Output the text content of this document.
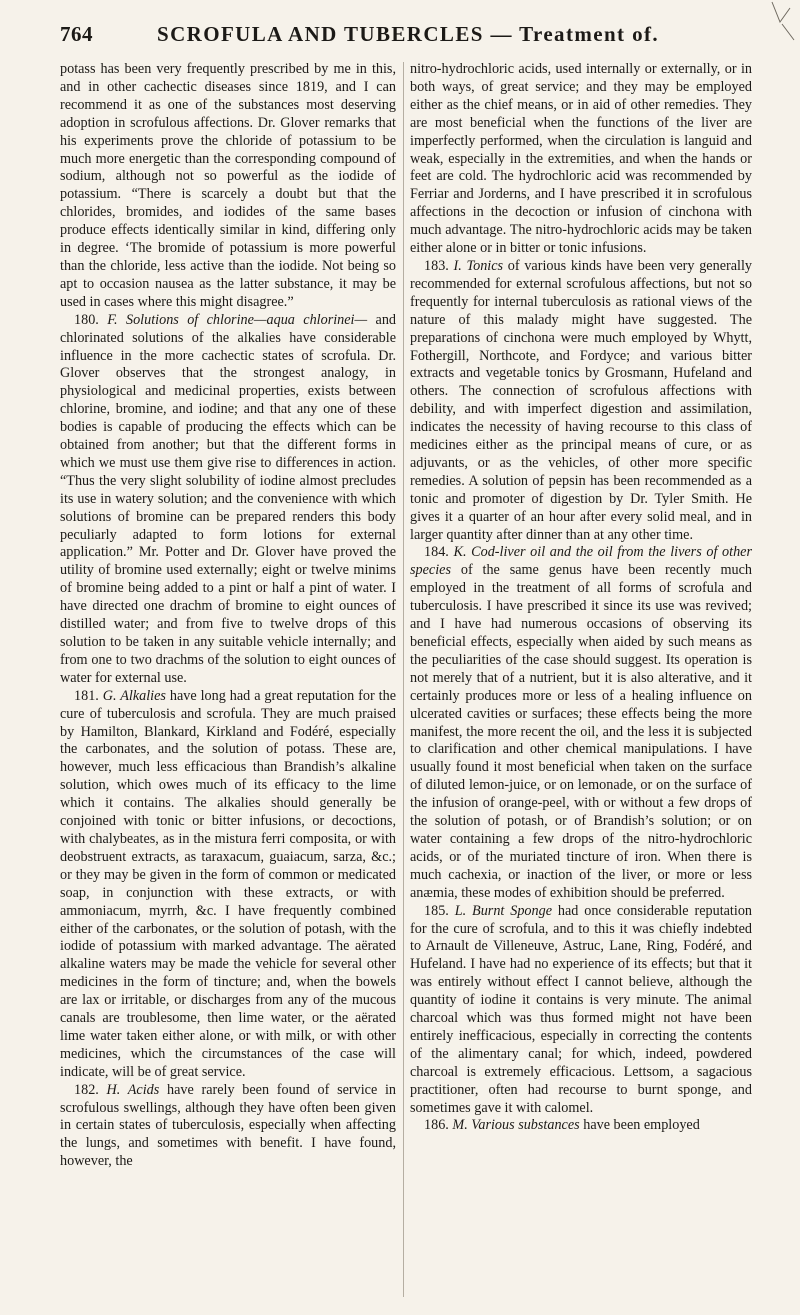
764	SCROFULA AND TUBERCLES — Treatment of.

potass has been very frequently prescribed by me in this, and in other cachectic diseases since 1819, and I can recommend it as one of the substances most deserving adoption in scrofulous affections. Dr. Glover remarks that his experiments prove the chloride of potassium to be much more energetic than the corresponding compound of sodium, although not so powerful as the iodide of potassium. “There is scarcely a doubt but that the chlorides, bromides, and iodides of the same bases produce effects identically similar in kind, differing only in degree. ‘The bromide of potassium is more powerful than the chloride, less active than the iodide. Not being so apt to occasion nausea as the latter substance, it may be used in cases where this might disagree.”

180. F. Solutions of chlorine—aqua chlorinei— and chlorinated solutions of the alkalies have considerable influence in the more cachectic states of scrofula. Dr. Glover observes that the strongest analogy, in physiological and medicinal properties, exists between chlorine, bromine, and iodine; and that any one of these bodies is capable of producing the effects which can be obtained from another; but that the different forms in which we must use them give rise to differences in action. “Thus the very slight solubility of iodine almost precludes its use in watery solution; and the convenience with which solutions of bromine can be prepared renders this body peculiarly adapted to form lotions for external application.” Mr. Potter and Dr. Glover have proved the utility of bromine used externally; eight or twelve minims of bromine being added to a pint or half a pint of water. I have directed one drachm of bromine to eight ounces of distilled water; and from five to twelve drops of this solution to be taken in any suitable vehicle internally; and from one to two drachms of the solution to eight ounces of water for external use.

181. G. Alkalies have long had a great reputation for the cure of tuberculosis and scrofula. They are much praised by Hamilton, Blankard, Kirkland and Fodéré, especially the carbonates, and the solution of potass. These are, however, much less efficacious than Brandish’s alkaline solution, which owes much of its efficacy to the lime which it contains. The alkalies should generally be conjoined with tonic or bitter infusions, or decoctions, with chalybeates, as in the mistura ferri composita, or with deobstruent extracts, as taraxacum, guaiacum, sarza, &c.; or they may be given in the form of common or medicated soap, in conjunction with these extracts, or with ammoniacum, myrrh, &c. I have frequently combined either of the carbonates, or the solution of potash, with the iodide of potassium with marked advantage. The aërated alkaline waters may be made the vehicle for several other medicines in the form of tincture; and, when the bowels are lax or irritable, or discharges from any of the mucous canals are troublesome, then lime water, or the aërated lime water taken either alone, or with milk, or with other medicines, which the circumstances of the case will indicate, will be of great service.

182. H. Acids have rarely been found of service in scrofulous swellings, although they have often been given in certain states of tuberculosis, especially when affecting the lungs, and sometimes with benefit. I have found, however, the

nitro-hydrochloric acids, used internally or externally, or in both ways, of great service; and they may be employed either as the chief means, or in aid of other remedies. They are most beneficial when the functions of the liver are imperfectly performed, when the circulation is languid and weak, especially in the extremities, and when the hands or feet are cold. The hydrochloric acid was recommended by Ferriar and Jorderns, and I have prescribed it in scrofulous affections in the decoction or infusion of cinchona with much advantage. The nitro-hydrochloric acids may be taken either alone or in bitter or tonic infusions.

183. I. Tonics of various kinds have been very generally recommended for external scrofulous affections, but not so frequently for internal tuberculosis as rational views of the nature of this malady might have suggested. The preparations of cinchona were much employed by Whytt, Fothergill, Northcote, and Fordyce; and various bitter extracts and vegetable tonics by Grosmann, Hufeland and others. The connection of scrofulous affections with debility, and with imperfect digestion and assimilation, indicates the necessity of having recourse to this class of medicines either as the principal means of cure, or as adjuvants, or as the vehicles, of other more specific remedies. A solution of pepsin has been recommended as a tonic and promoter of digestion by Dr. Tyler Smith. He gives it a quarter of an hour after every solid meal, and in larger quantity after dinner than at any other time.

184. K. Cod-liver oil and the oil from the livers of other species of the same genus have been recently much employed in the treatment of all forms of scrofula and tuberculosis. I have prescribed it since its use was revived; and I have had numerous occasions of observing its beneficial effects, especially when aided by such means as the peculiarities of the case should suggest. Its operation is not merely that of a nutrient, but it is also alterative, and it certainly produces more or less of a healing influence on ulcerated cavities or surfaces; these effects being the more manifest, the more recent the oil, and the less it is subjected to clarification and other chemical manipulations. I have usually found it most beneficial when taken on the surface of diluted lemon-juice, or on lemonade, or on the surface of the infusion of orange-peel, with or without a few drops of the solution of potash, or of Brandish’s solution; or on water containing a few drops of the nitro-hydrochloric acids, or of the muriated tincture of iron. When there is much cachexia, or inaction of the liver, or more or less anæmia, these modes of exhibition should be preferred.

185. L. Burnt Sponge had once considerable reputation for the cure of scrofula, and to this it was chiefly indebted to Arnault de Villeneuve, Astruc, Lane, Ring, Fodéré, and Hufeland. I have had no experience of its effects; but that it was entirely without effect I cannot believe, although the quantity of iodine it contains is very minute. The animal charcoal which was thus formed might not have been entirely inefficacious, especially in correcting the contents of the alimentary canal; for which, indeed, powdered charcoal is extremely efficacious. Lettsom, a sagacious practitioner, often had recourse to burnt sponge, and sometimes gave it with calomel.

186. M. Various substances have been employed
